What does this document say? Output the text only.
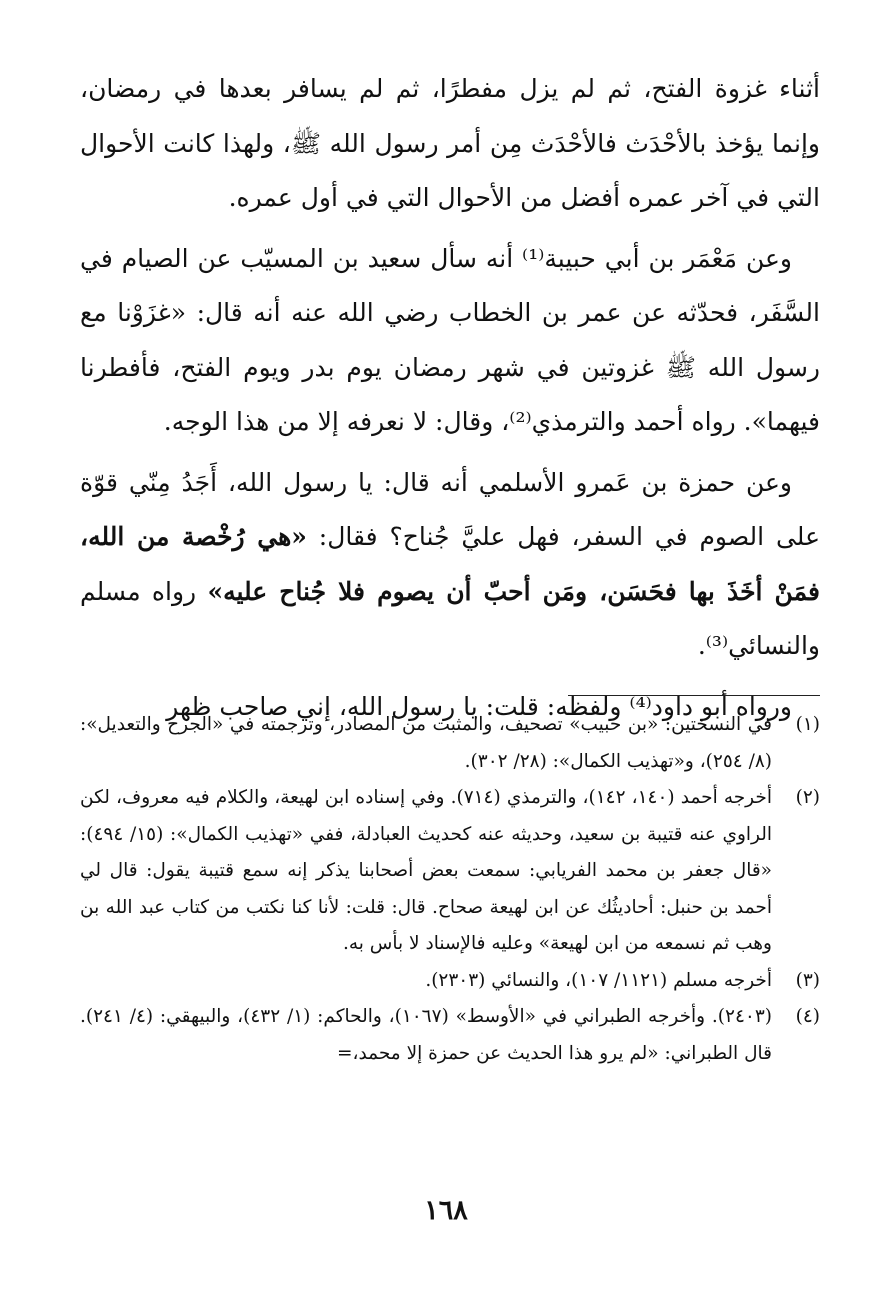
أثناء غزوة الفتح، ثم لم يزل مفطرًا، ثم لم يسافر بعدها في رمضان، وإنما يؤخذ بالأحْدَث فالأحْدَث مِن أمر رسول الله ﷺ، ولهذا كانت الأحوال التي في آخر عمره أفضل من الأحوال التي في أول عمره.

وعن مَعْمَر بن أبي حبيبة⁽¹⁾ أنه سأل سعيد بن المسيّب عن الصيام في السَّفَر، فحدّثه عن عمر بن الخطاب رضي الله عنه أنه قال: «غزَوْنا مع رسول الله ﷺ غزوتين في شهر رمضان يوم بدر ويوم الفتح، فأفطرنا فيهما». رواه أحمد والترمذي⁽²⁾، وقال: لا نعرفه إلا من هذا الوجه.

وعن حمزة بن عَمرو الأسلمي أنه قال: يا رسول الله، أَجَدُ مِنّي قوّة على الصوم في السفر، فهل عليَّ جُناح؟ فقال: «هي رُخْصة من الله، فمَنْ أخَذَ بها فحَسَن، ومَن أحبّ أن يصوم فلا جُناح عليه» رواه مسلم والنسائي⁽³⁾.

ورواه أبو داود⁽⁴⁾ ولفظه: قلت: يا رسول الله، إني صاحب ظهر

(١)
في النسختين: «بن حبيب» تصحيف، والمثبت من المصادر، وترجمته في «الجرح والتعديل»: (٨/ ٢٥٤)، و«تهذيب الكمال»: (٢٨/ ٣٠٢).
(٢)
أخرجه أحمد (١٤٠، ١٤٢)، والترمذي (٧١٤). وفي إسناده ابن لهيعة، والكلام فيه معروف، لكن الراوي عنه قتيبة بن سعيد، وحديثه عنه كحديث العبادلة، ففي «تهذيب الكمال»: (١٥/ ٤٩٤): «قال جعفر بن محمد الفريابي: سمعت بعض أصحابنا يذكر إنه سمع قتيبة يقول: قال لي أحمد بن حنبل: أحاديثُك عن ابن لهيعة صحاح. قال: قلت: لأنا كنا نكتب من كتاب عبد الله بن وهب ثم نسمعه من ابن لهيعة» وعليه فالإسناد لا بأس به.
(٣)
أخرجه مسلم (١١٢١/ ١٠٧)، والنسائي (٢٣٠٣).
(٤)
(٢٤٠٣). وأخرجه الطبراني في «الأوسط» (١٠٦٧)، والحاكم: (١/ ٤٣٢)، والبيهقي: (٤/ ٢٤١). قال الطبراني: «لم يرو هذا الحديث عن حمزة إلا محمد،=
١٦٨
